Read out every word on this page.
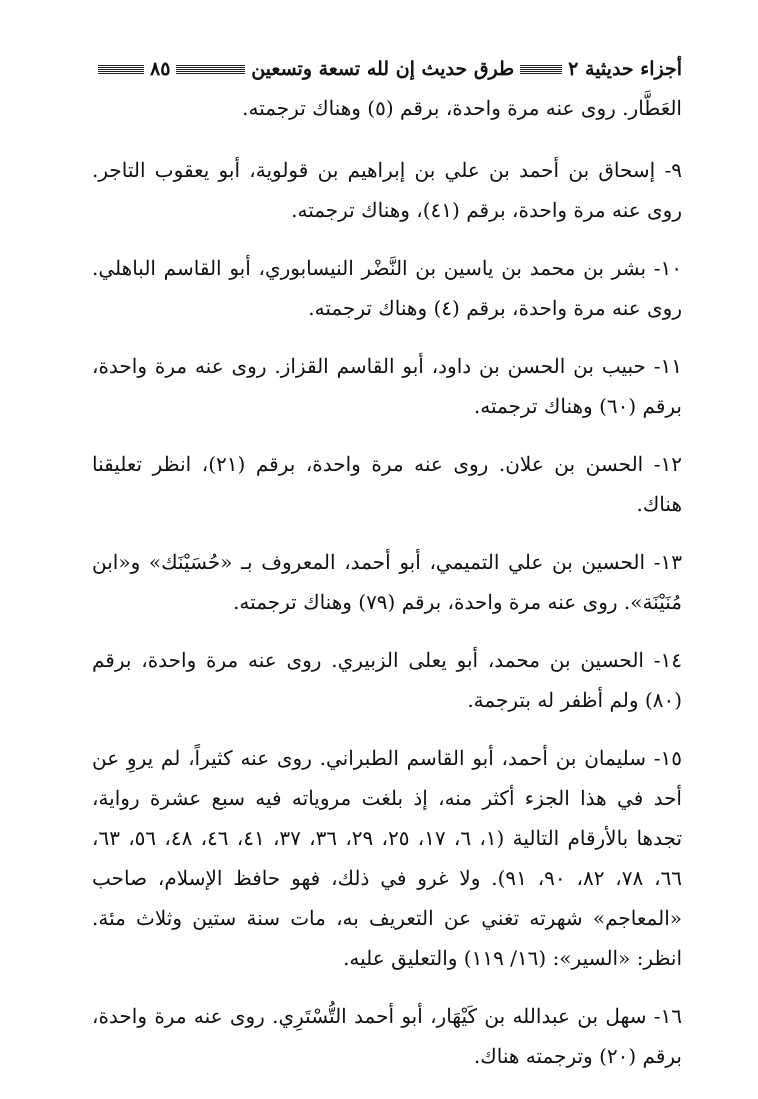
أجزاء حديثية ٢
طرق حديث إن لله تسعة وتسعين
٨٥

العَطَّار. روى عنه مرة واحدة، برقم (٥) وهناك ترجمته.

٩- إسحاق بن أحمد بن علي بن إبراهيم بن قولوية، أبو يعقوب التاجر. روى عنه مرة واحدة، برقم (٤١)، وهناك ترجمته.

١٠- بشر بن محمد بن ياسين بن النَّضْر النيسابوري، أبو القاسم الباهلي. روى عنه مرة واحدة، برقم (٤) وهناك ترجمته.

١١- حبيب بن الحسن بن داود، أبو القاسم القزاز. روى عنه مرة واحدة، برقم (٦٠) وهناك ترجمته.

١٢- الحسن بن علان. روى عنه مرة واحدة، برقم (٢١)، انظر تعليقنا هناك.

١٣- الحسين بن علي التميمي، أبو أحمد، المعروف بـ «حُسَيْنَك» و«ابن مُنَيْنَة». روى عنه مرة واحدة، برقم (٧٩) وهناك ترجمته.

١٤- الحسين بن محمد، أبو يعلى الزبيري. روى عنه مرة واحدة، برقم (٨٠) ولم أظفر له بترجمة.

١٥- سليمان بن أحمد، أبو القاسم الطبراني. روى عنه كثيراً، لم يروِ عن أحد في هذا الجزء أكثر منه، إذ بلغت مروياته فيه سبع عشرة رواية، تجدها بالأرقام التالية (١، ٦، ١٧، ٢٥، ٢٩، ٣٦، ٣٧، ٤١، ٤٦، ٤٨، ٥٦، ٦٣، ٦٦، ٧٨، ٨٢، ٩٠، ٩١). ولا غرو في ذلك، فهو حافظ الإسلام، صاحب «المعاجم» شهرته تغني عن التعريف به، مات سنة ستين وثلاث مئة. انظر: «السير»: (١٦/ ١١٩) والتعليق عليه.

١٦- سهل بن عبدالله بن كَيْهَار، أبو أحمد التُّسْتَرِي. روى عنه مرة واحدة، برقم (٢٠) وترجمته هناك.
